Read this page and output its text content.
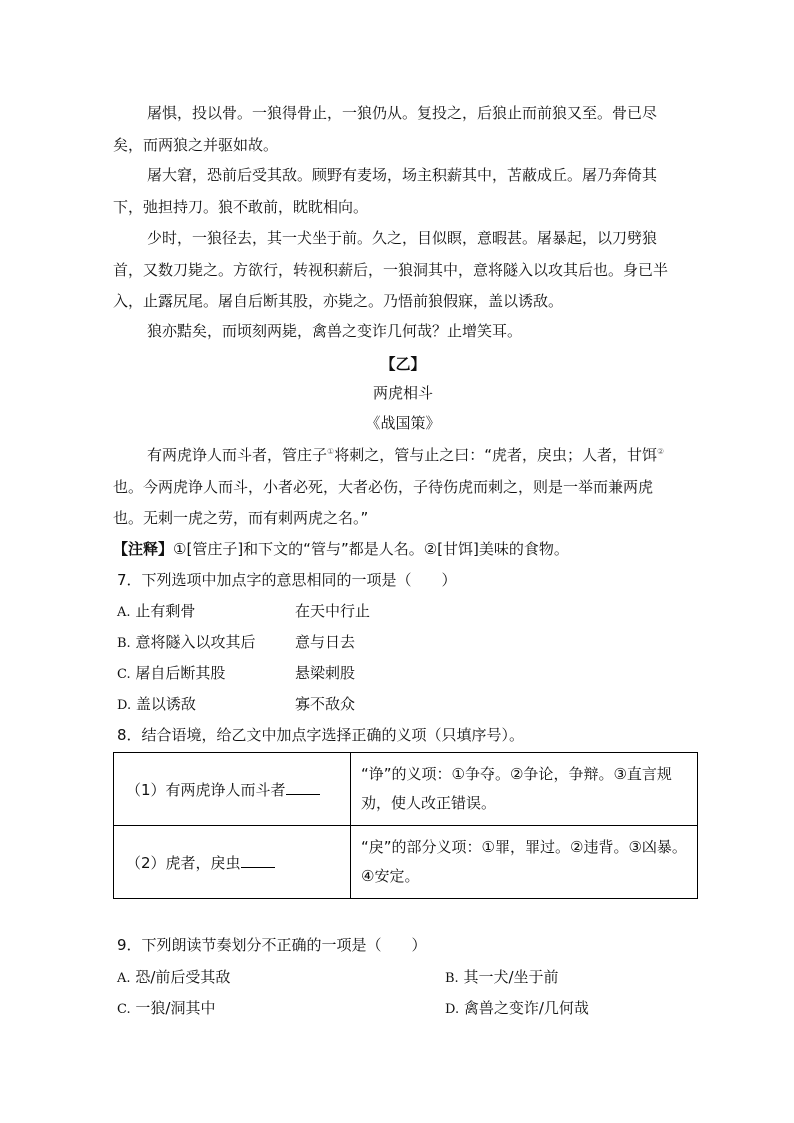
屠惧，投以骨。一狼得骨止，一狼仍从。复投之，后狼止而前狼又至。骨已尽矣，而两狼之并驱如故。

屠大窘，恐前后受其敌。顾野有麦场，场主积薪其中，苫蔽成丘。屠乃奔倚其下，弛担持刀。狼不敢前，眈眈相向。

少时，一狼径去，其一犬坐于前。久之，目似瞑，意暇甚。屠暴起，以刀劈狼首，又数刀毙之。方欲行，转视积薪后，一狼洞其中，意将隧入以攻其后也。身已半入，止露尻尾。屠自后断其股，亦毙之。乃悟前狼假寐，盖以诱敌。

狼亦黠矣，而顷刻两毙，禽兽之变诈几何哉？止增笑耳。

【乙】

两虎相斗

《战国策》

有两虎诤人而斗者，管庄子①将刺之，管与止之曰：“虎者，戾虫；人者，甘饵②也。今两虎诤人而斗，小者必死，大者必伤，子待伤虎而刺之，则是一举而兼两虎也。无刺一虎之劳，而有刺两虎之名。”

【注释】①[管庄子]和下文的“管与”都是人名。②[甘饵]美味的食物。

7．下列选项中加点字的意思相同的一项是（　　）

A. 止有剩骨	在天中行止
B. 意将隧入以攻其后	意与日去
C. 屠自后断其股	悬梁刺股
D. 盖以诱敌	寡不敌众

8．结合语境，给乙文中加点字选择正确的义项（只填序号）。

（1）有两虎诤人而斗者	“诤”的义项：①争夺。②争论，争辩。③直言规劝，使人改正错误。
（2）虎者，戾虫	“戾”的部分义项：①罪，罪过。②违背。③凶暴。④安定。

9．下列朗读节奏划分不正确的一项是（　　）

A. 恐/前后受其敌	B. 其一犬/坐于前
C. 一狼/洞其中	D. 禽兽之变诈/几何哉
